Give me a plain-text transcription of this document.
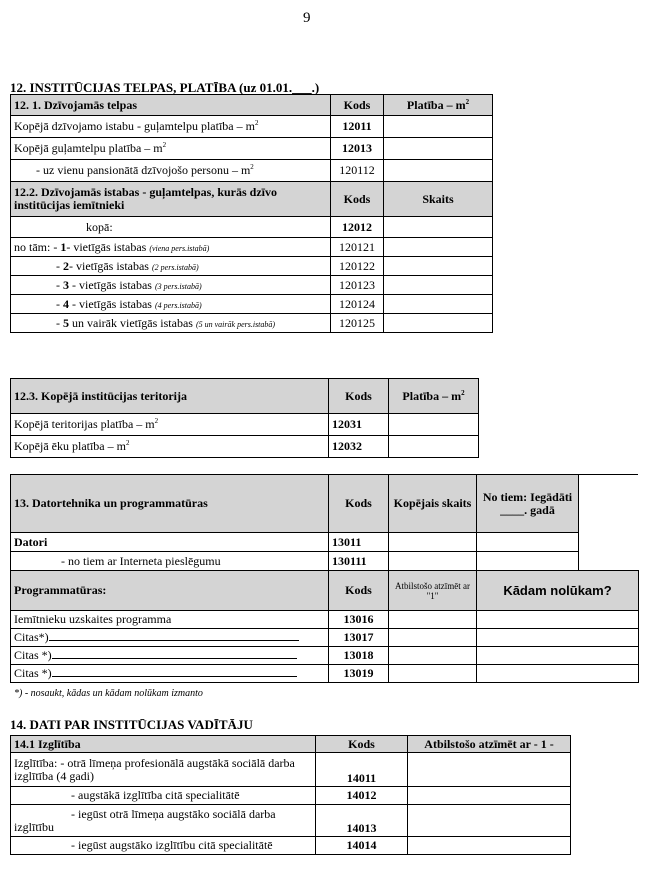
9
12. INSTITŪCIJAS TELPAS, PLATĪBA (uz 01.01.___.)
12. 1. Dzīvojamās telpas	Kods	Platība – $m^2$
Kopējā dzīvojamo istabu - guļamtelpu platība – $m^2$	12011	
Kopējā guļamtelpu platība – $m^2$	12013	
- uz vienu pansionātā dzīvojošo personu – $m^2$	120112	
12.2. Dzīvojamās istabas - guļamtelpas, kurās dzīvo institūcijas iemītnieki	Kods	Skaits
kopā:	12012	
no tām: - 1- vietīgās istabas (viena pers.istabā)	120121	
- 2- vietīgās istabas (2 pers.istabā)	120122	
- 3 - vietīgās istabas (3 pers.istabā)	120123	
- 4 - vietīgās istabas (4 pers.istabā)	120124	
- 5 un vairāk vietīgās istabas (5 un vairāk pers.istabā)	120125	
12.3. Kopējā institūcijas teritorija	Kods	Platība – $m^2$
Kopējā teritorijas platība – $m^2$	12031	
Kopējā ēku platība – $m^2$	12032	
13. Datortehnika un programmatūras	Kods	Kopējais skaits	No tiem: Iegādāti ____. gadā	
Datori	13011			
- no tiem ar Interneta pieslēgumu	130111			
Programmatūras:	Kods	Atbilstošo atzīmēt ar "1"	Kādam nolūkam?	
Iemītnieku uzskaites programma	13016			
Citas*)	13017			
Citas *)	13018			
Citas *)	13019			
*) - nosaukt, kādas un kādam nolūkam izmanto
14. DATI PAR INSTITŪCIJAS VADĪTĀJU
14.1 Izglītība	Kods	Atbilstošo atzīmēt ar - 1 -
Izglītība: - otrā līmeņa profesionālā augstākā sociālā darba izglītība (4 gadi)	14011	
- augstākā izglītība citā specialitātē	14012	
- iegūst otrā līmeņa augstāko sociālā darba izglītību	14013	
- iegūst augstāko izglītību citā specialitātē	14014	
